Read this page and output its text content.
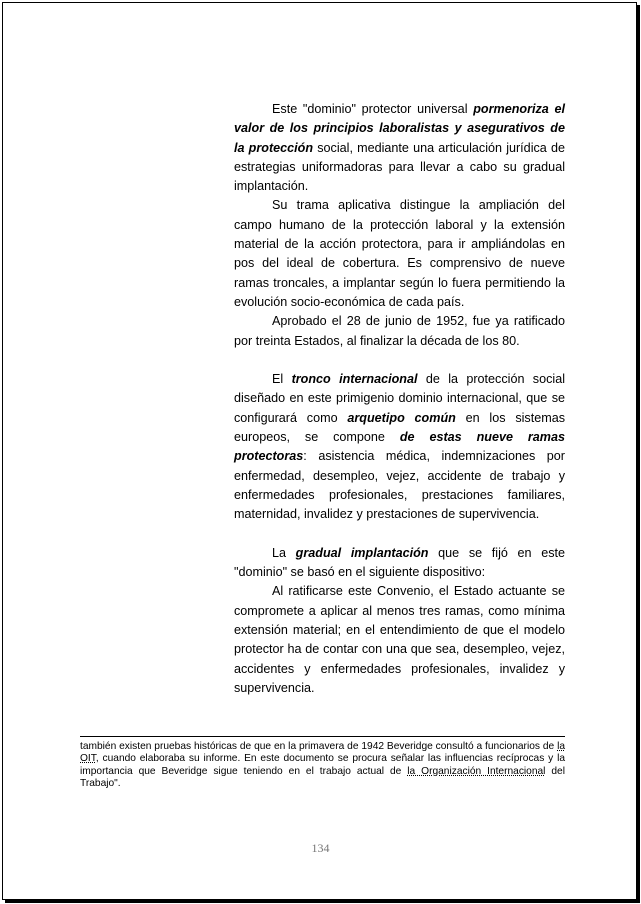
Este "dominio" protector universal pormenoriza el valor de los principios laboralistas y aseguratіvos de la protección social, mediante una articulación jurídica de estrategias uniformadoras para llevar a cabo su gradual implantación.

Su trama aplicativa distingue la ampliación del campo humano de la protección laboral y la extensión material de la acción protectora, para ir ampliándolas en pos del ideal de cobertura. Es comprensivo de nueve ramas troncales, a implantar según lo fuera permitiendo la evolución socio-económica de cada país.

Aprobado el 28 de junio de 1952, fue ya ratificado por treinta Estados, al finalizar la década de los 80.

El tronco internacional de la protección social diseñado en este primigenio dominio internacional, que se configurará como arquetipo común en los sistemas europeos, se compone de estas nueve ramas protectoras: asistencia médica, indemnizaciones por enfermedad, desempleo, vejez, accidente de trabajo y enfermedades profesionales, prestaciones familiares, maternidad, invalidez y prestaciones de supervivencia.

La gradual implantación que se fijó en este "dominio" se basó en el siguiente dispositivo:

Al ratificarse este Convenio, el Estado actuante se compromete a aplicar al menos tres ramas, como mínima extensión material; en el entendimiento de que el modelo protector ha de contar con una que sea, desempleo, vejez, accidentes y enfermedades profesionales, invalidez y supervivencia.

también existen pruebas históricas de que en la primavera de 1942 Beveridge consultó a funcionarios de la OIT, cuando elaboraba su informe. En este documento se procura señalar las influencias recíprocas y la importancia que Beveridge sigue teniendo en el trabajo actual de la Organización Internacional del Trabajo".

134
